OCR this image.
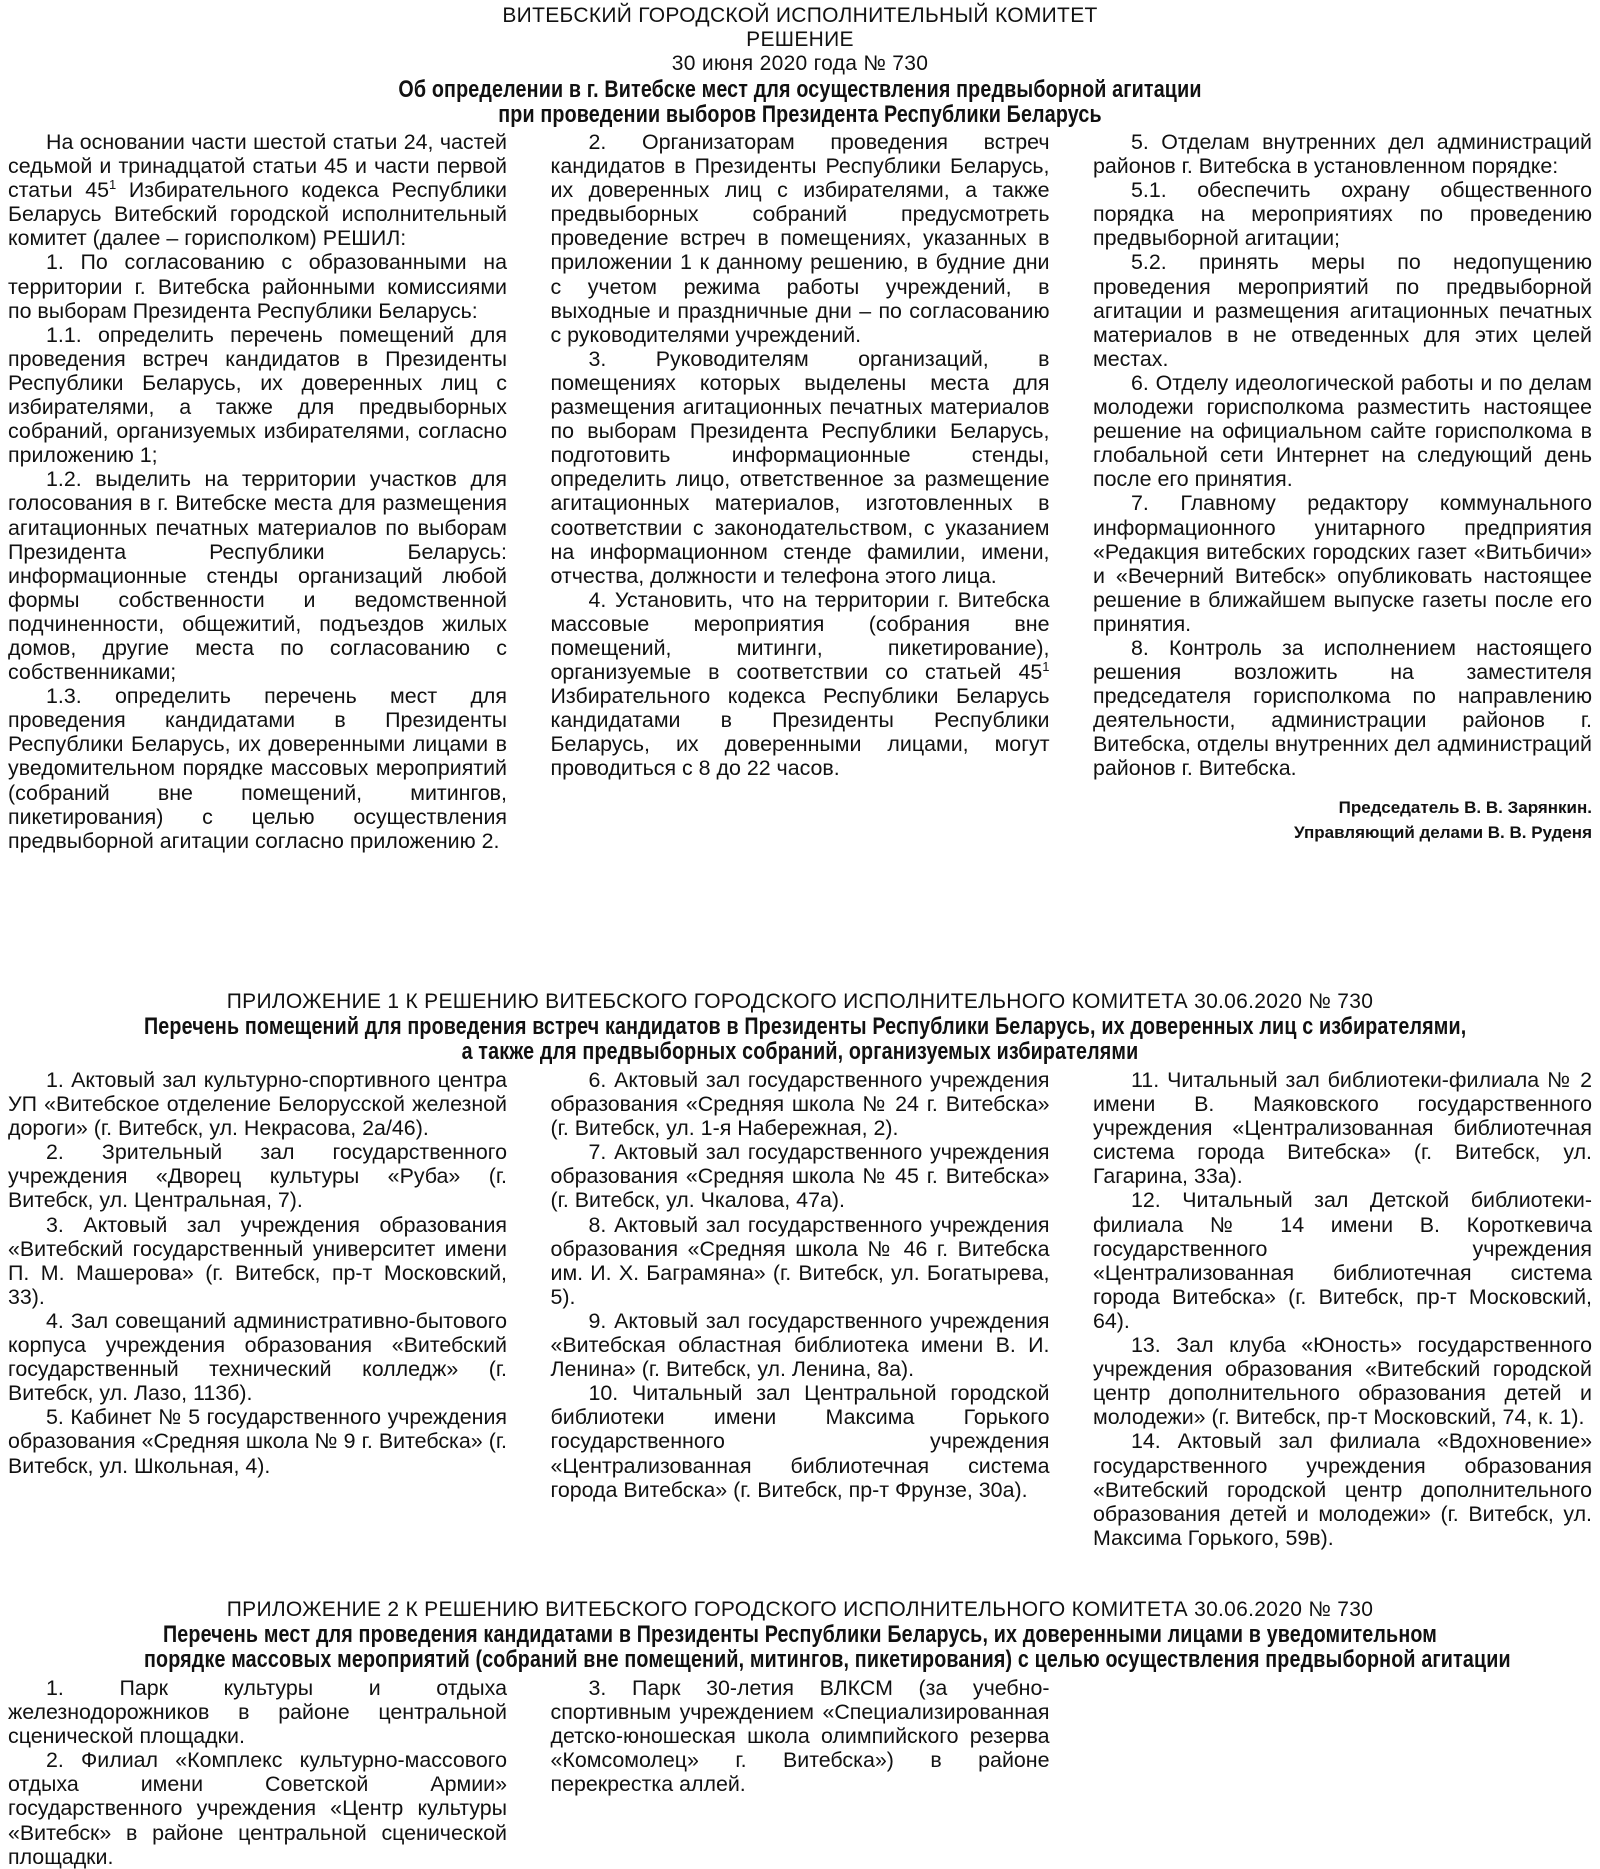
ВИТЕБСКИЙ ГОРОДСКОЙ ИСПОЛНИТЕЛЬНЫЙ КОМИТЕТ
РЕШЕНИЕ
30 июня 2020 года № 730
Об определении в г. Витебске мест для осуществления предвыборной агитации
при проведении выборов Президента Республики Беларусь

На основании части шестой статьи 24, частей седьмой и тринадцатой статьи 45 и части первой статьи $45^1$ Избирательного кодекса Республики Беларусь Витебский городской исполнительный комитет (далее – горисполком) РЕШИЛ:

1. По согласованию с образованными на территории г. Витебска районными комиссиями по выборам Президента Республики Беларусь:

1.1. определить перечень помещений для проведения встреч кандидатов в Президенты Республики Беларусь, их доверенных лиц с избирателями, а также для предвыборных собраний, организуемых избирателями, согласно приложению 1;

1.2. выделить на территории участков для голосования в г. Витебске места для размещения агитационных печатных материалов по выборам Президента Республики Беларусь: информационные стенды организаций любой формы собственности и ведомственной подчиненности, общежитий, подъездов жилых домов, другие места по согласованию с собственниками;

1.3. определить перечень мест для проведения кандидатами в Президенты Республики Беларусь, их доверенными лицами в уведомительном порядке массовых мероприятий (собраний вне помещений, митингов, пикетирования) с целью осуществления предвыборной агитации согласно приложению 2.

2. Организаторам проведения встреч кандидатов в Президенты Республики Беларусь, их доверенных лиц с избирателями, а также предвыборных собраний предусмотреть проведение встреч в помещениях, указанных в приложении 1 к данному решению, в будние дни с учетом режима работы учреждений, в выходные и праздничные дни – по согласованию с руководителями учреждений.

3. Руководителям организаций, в помещениях которых выделены места для размещения агитационных печатных материалов по выборам Президента Республики Беларусь, подготовить информационные стенды, определить лицо, ответственное за размещение агитационных материалов, изготовленных в соответствии с законодательством, с указанием на информационном стенде фамилии, имени, отчества, должности и телефона этого лица.

4. Установить, что на территории г. Витебска массовые мероприятия (собрания вне помещений, митинги, пикетирование), организуемые в соответствии со статьей $45^1$ Избирательного кодекса Республики Беларусь кандидатами в Президенты Республики Беларусь, их доверенными лицами, могут проводиться с 8 до 22 часов.

5. Отделам внутренних дел администраций районов г. Витебска в установленном порядке:

5.1. обеспечить охрану общественного порядка на мероприятиях по проведению предвыборной агитации;

5.2. принять меры по недопущению проведения мероприятий по предвыборной агитации и размещения агитационных печатных материалов в не отведенных для этих целей местах.

6. Отделу идеологической работы и по делам молодежи горисполкома разместить настоящее решение на официальном сайте горисполкома в глобальной сети Интернет на следующий день после его принятия.

7. Главному редактору коммунального информационного унитарного предприятия «Редакция витебских городских газет «Витьбичи» и «Вечерний Витебск» опубликовать настоящее решение в ближайшем выпуске газеты после его принятия.

8. Контроль за исполнением настоящего решения возложить на заместителя председателя горисполкома по направлению деятельности, администрации районов г. Витебска, отделы внутренних дел администраций районов г. Витебска.

Председатель В. В. Зарянкин.
Управляющий делами В. В. Руденя
ПРИЛОЖЕНИЕ 1 К РЕШЕНИЮ ВИТЕБСКОГО ГОРОДСКОГО ИСПОЛНИТЕЛЬНОГО КОМИТЕТА 30.06.2020 № 730
Перечень помещений для проведения встреч кандидатов в Президенты Республики Беларусь, их доверенных лиц с избирателями,
а также для предвыборных собраний, организуемых избирателями

1. Актовый зал культурно-спортивного центра УП «Витебское отделение Белорусской железной дороги» (г. Витебск, ул. Некрасова, 2а/46).

2. Зрительный зал государственного учреждения «Дворец культуры «Руба» (г. Витебск, ул. Центральная, 7).

3. Актовый зал учреждения образования «Витебский государственный университет имени П. М. Машерова» (г. Витебск, пр-т Московский, 33).

4. Зал совещаний административно-бытового корпуса учреждения образования «Витебский государственный технический колледж» (г. Витебск, ул. Лазо, 113б).

5. Кабинет № 5 государственного учреждения образования «Средняя школа № 9 г. Витебска» (г. Витебск, ул. Школьная, 4).

6. Актовый зал государственного учреждения образования «Средняя школа № 24 г. Витебска» (г. Витебск, ул. 1-я Набережная, 2).

7. Актовый зал государственного учреждения образования «Средняя школа № 45 г. Витебска» (г. Витебск, ул. Чкалова, 47а).

8. Актовый зал государственного учреждения образования «Средняя школа № 46 г. Витебска им. И. Х. Баграмяна» (г. Витебск, ул. Богатырева, 5).

9. Актовый зал государственного учреждения «Витебская областная библиотека имени В. И. Ленина» (г. Витебск, ул. Ленина, 8а).

10. Читальный зал Центральной городской библиотеки имени Максима Горького государственного учреждения «Централизованная библиотечная система города Витебска» (г. Витебск, пр-т Фрунзе, 30а).

11. Читальный зал библиотеки-филиала № 2 имени В. Маяковского государственного учреждения «Централизованная библиотечная система города Витебска» (г. Витебск, ул. Гагарина, 33а).

12. Читальный зал Детской библиотеки-филиала № 14 имени В. Короткевича государственного учреждения «Централизованная библиотечная система города Витебска» (г. Витебск, пр-т Московский, 64).

13. Зал клуба «Юность» государственного учреждения образования «Витебский городской центр дополнительного образования детей и молодежи» (г. Витебск, пр-т Московский, 74, к. 1).

14. Актовый зал филиала «Вдохновение» государственного учреждения образования «Витебский городской центр дополнительного образования детей и молодежи» (г. Витебск, ул. Максима Горького, 59в).

ПРИЛОЖЕНИЕ 2 К РЕШЕНИЮ ВИТЕБСКОГО ГОРОДСКОГО ИСПОЛНИТЕЛЬНОГО КОМИТЕТА 30.06.2020 № 730
Перечень мест для проведения кандидатами в Президенты Республики Беларусь, их доверенными лицами в уведомительном
порядке массовых мероприятий (собраний вне помещений, митингов, пикетирования) с целью осуществления предвыборной агитации

1. Парк культуры и отдыха железнодорожников в районе центральной сценической площадки.

2. Филиал «Комплекс культурно-массового отдыха имени Советской Армии» государственного учреждения «Центр культуры «Витебск» в районе центральной сценической площадки.

3. Парк 30-летия ВЛКСМ (за учебно-спортивным учреждением «Специализированная детско-юношеская школа олимпийского резерва «Комсомолец» г. Витебска») в районе перекрестка аллей.
